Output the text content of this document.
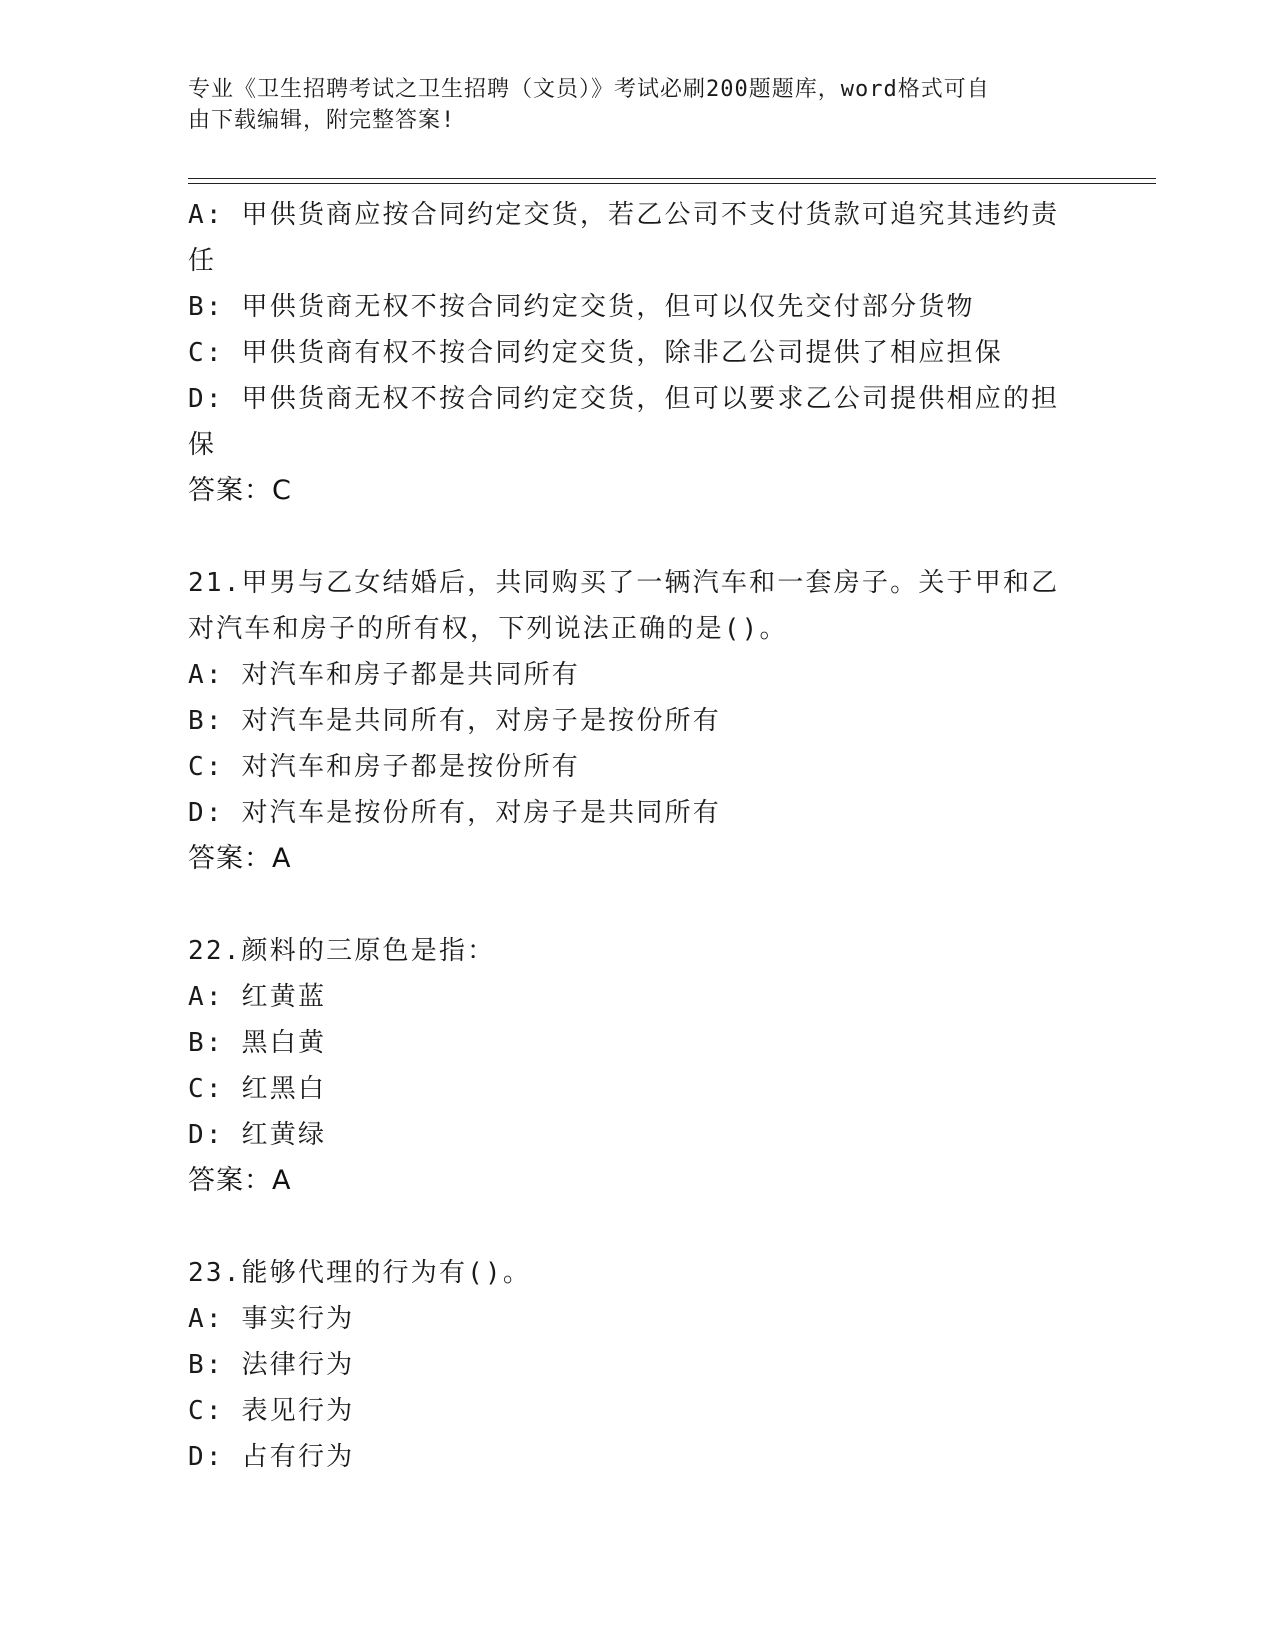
专业《卫生招聘考试之卫生招聘（文员）》考试必刷200题题库，word格式可自
由下载编辑，附完整答案!
A: 甲供货商应按合同约定交货，若乙公司不支付货款可追究其违约责
任
B: 甲供货商无权不按合同约定交货，但可以仅先交付部分货物
C: 甲供货商有权不按合同约定交货，除非乙公司提供了相应担保
D: 甲供货商无权不按合同约定交货，但可以要求乙公司提供相应的担
保
答案：C
21.甲男与乙女结婚后，共同购买了一辆汽车和一套房子。关于甲和乙
对汽车和房子的所有权，下列说法正确的是()。
A: 对汽车和房子都是共同所有
B: 对汽车是共同所有，对房子是按份所有
C: 对汽车和房子都是按份所有
D: 对汽车是按份所有，对房子是共同所有
答案：A
22.颜料的三原色是指：
A: 红黄蓝
B: 黑白黄
C: 红黑白
D: 红黄绿
答案：A
23.能够代理的行为有()。
A: 事实行为
B: 法律行为
C: 表见行为
D: 占有行为
